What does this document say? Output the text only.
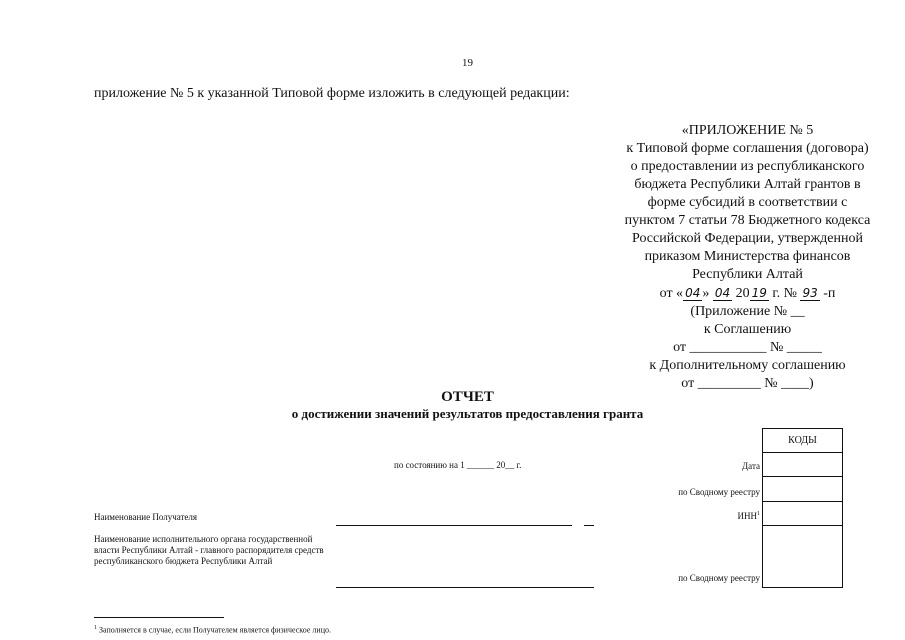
19
приложение № 5 к указанной Типовой форме изложить в следующей редакции:
«ПРИЛОЖЕНИЕ № 5
к Типовой форме соглашения (договора)
о предоставлении из республиканского
бюджета Республики Алтай грантов в
форме субсидий в соответствии с
пунктом 7 статьи 78 Бюджетного кодекса
Российской Федерации, утвержденной
приказом Министерства финансов
Республики Алтай
от « 04 » 04 20 19 г. № 93 -п
(Приложение № __
к Соглашению
от ___________ № _____
к Дополнительному соглашению
от _________ № ____)
ОТЧЕТ
о достижении значений результатов предоставления гранта
по состоянию на 1 ______ 20__ г.	Дата
по Сводному реестру
ИНН$^1$
Наименование Получателя
Наименование исполнительного органа государственной власти Республики Алтай - главного распорядителя средств республиканского бюджета Республики Алтай
по Сводному реестру
КОДЫ
$^1$ Заполняется в случае, если Получателем является физическое лицо.
